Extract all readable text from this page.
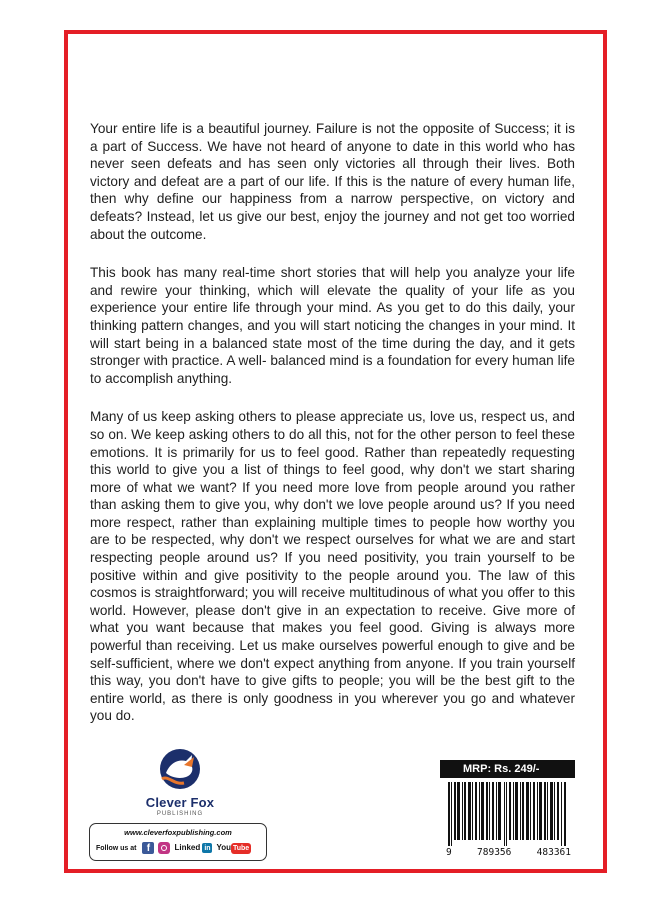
Your entire life is a beautiful journey. Failure is not the opposite of Success; it is a part of Success. We have not heard of anyone to date in this world who has never seen defeats and has seen only victories all through their lives. Both victory and defeat are a part of our life. If this is the nature of every human life, then why define our happiness from a narrow perspective, on victory and defeats? Instead, let us give our best, enjoy the journey and not get too worried about the outcome.

This book has many real-time short stories that will help you analyze your life and rewire your thinking, which will elevate the quality of your life as you experience your entire life through your mind. As you get to do this daily, your thinking pattern changes, and you will start noticing the changes in your mind. It will start being in a balanced state most of the time during the day, and it gets stronger with practice. A well- balanced mind is a foundation for every human life to accomplish anything.

Many of us keep asking others to please appreciate us, love us, respect us, and so on. We keep asking others to do all this, not for the other person to feel these emotions. It is primarily for us to feel good. Rather than repeatedly requesting this world to give you a list of things to feel good, why don't we start sharing more of what we want? If you need more love from people around you rather than asking them to give you, why don't we love people around us? If you need more respect, rather than explaining multiple times to people how worthy you are to be respected, why don't we respect ourselves for what we are and start respecting people around us? If you need positivity, you train yourself to be positive within and give positivity to the people around you. The law of this cosmos is straightforward; you will receive multitudinous of what you offer to this world. However, please don't give in an expectation to receive. Give more of what you want because that makes you feel good. Giving is always more powerful than receiving. Let us make ourselves powerful enough to give and be self-sufficient, where we don't expect anything from anyone. If you train yourself this way, you don't have to give gifts to people; you will be the best gift to the entire world, as there is only goodness in you wherever you go and whatever you do.

Clever Fox
PUBLISHING
www.cleverfoxpublishing.com
Follow us at	f	Linked in You Tube
MRP: Rs. 249/-
9	789356	483361
